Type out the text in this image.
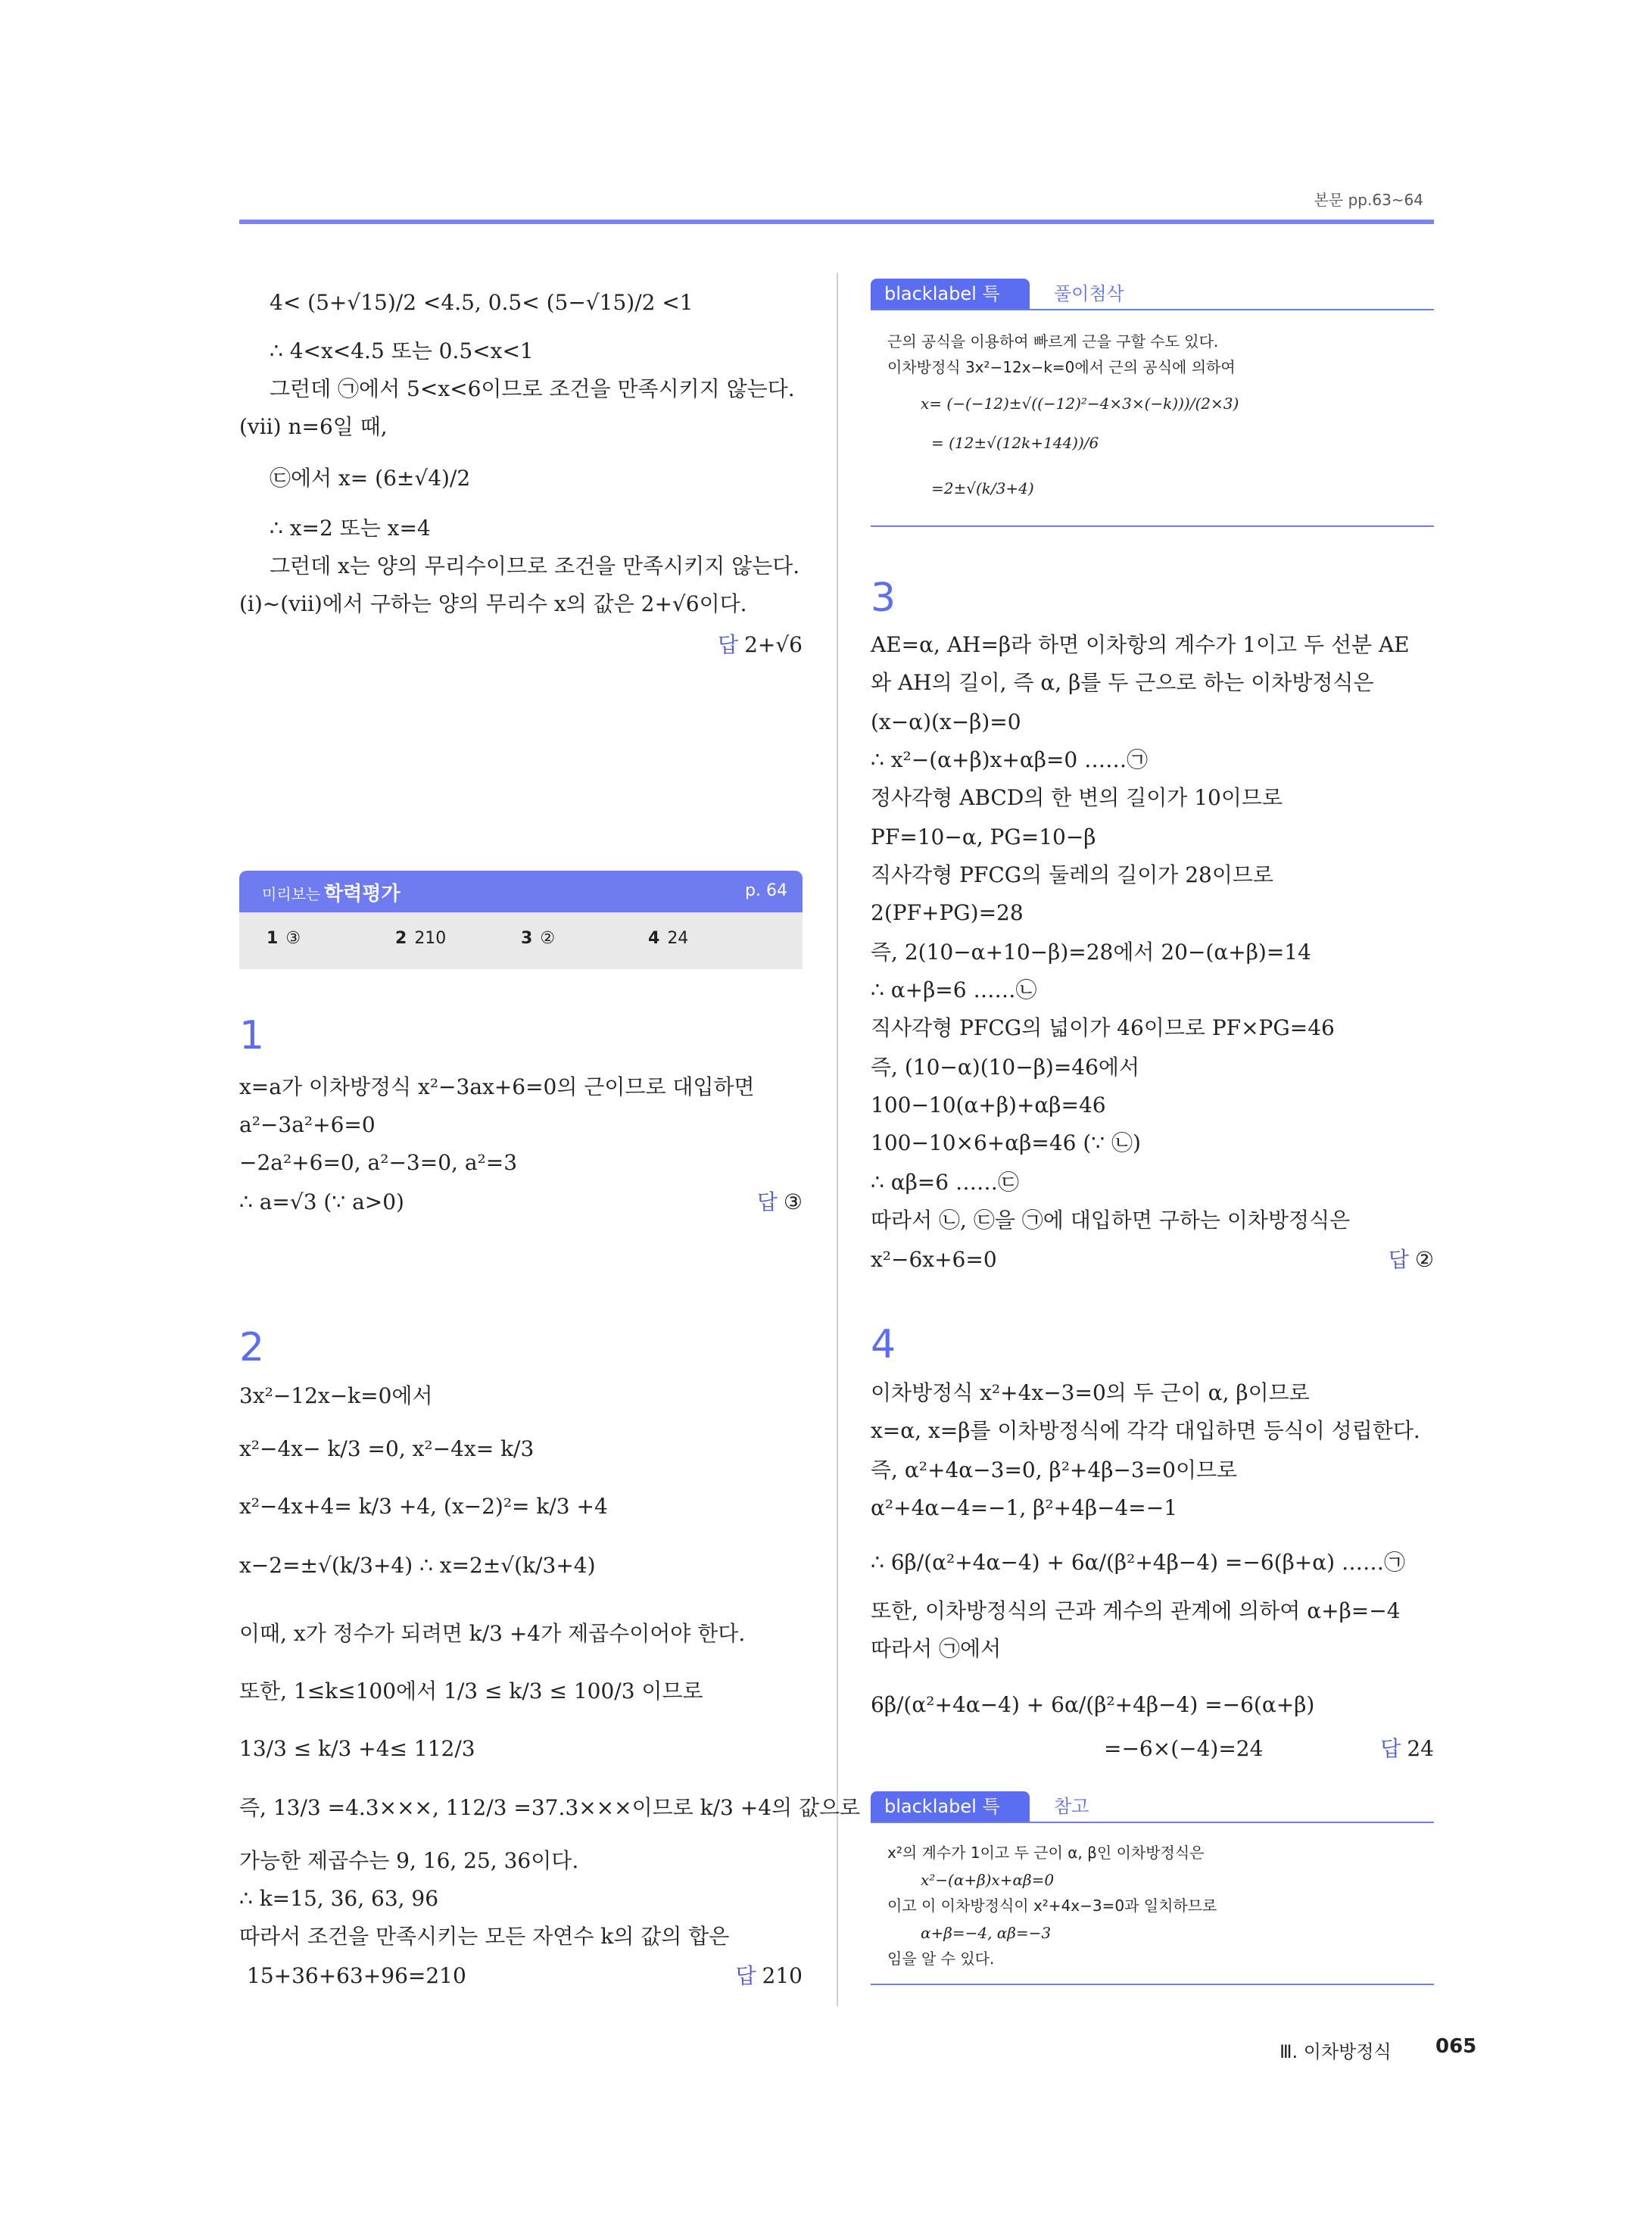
본문 pp.63~64
4< (5+√15)/2 <4.5, 0.5< (5−√15)/2 <1
∴ 4<x<4.5 또는 0.5<x<1
그런데 ㉠에서 5<x<6이므로 조건을 만족시키지 않는다.
(ⅶ) n=6일 때,
㉢에서 x= (6±√4)/2
∴ x=2 또는 x=4
그런데 x는 양의 무리수이므로 조건을 만족시키지 않는다.
(ⅰ)~(ⅶ)에서 구하는 양의 무리수 x의 값은 2+√6이다.
답 2+√6
미리보는 학력평가	p. 64
1 ③	2 210	3 ②	4 24
1
x=a가 이차방정식 x²−3ax+6=0의 근이므로 대입하면
a²−3a²+6=0
−2a²+6=0, a²−3=0, a²=3
∴ a=√3 (∵ a>0)	답 ③
2
3x²−12x−k=0에서
x²−4x− k/3 =0, x²−4x= k/3
x²−4x+4= k/3 +4, (x−2)²= k/3 +4
x−2=±√(k/3+4) ∴ x=2±√(k/3+4)
이때, x가 정수가 되려면 k/3 +4가 제곱수이어야 한다.
또한, 1≤k≤100에서 1/3 ≤ k/3 ≤ 100/3 이므로
13/3 ≤ k/3 +4≤ 112/3
즉, 13/3 =4.3×××, 112/3 =37.3×××이므로 k/3 +4의 값으로
가능한 제곱수는 9, 16, 25, 36이다.
∴ k=15, 36, 63, 96
따라서 조건을 만족시키는 모든 자연수 k의 값의 합은
15+36+63+96=210	답 210
blacklabel 특강
풀이첨삭
근의 공식을 이용하여 빠르게 근을 구할 수도 있다.
이차방정식 3x²−12x−k=0에서 근의 공식에 의하여
x= (−(−12)±√((−12)²−4×3×(−k)))/(2×3)
= (12±√(12k+144))/6
=2±√(k/3+4)
3
AE=α, AH=β라 하면 이차항의 계수가 1이고 두 선분 AE
와 AH의 길이, 즉 α, β를 두 근으로 하는 이차방정식은
(x−α)(x−β)=0
∴ x²−(α+β)x+αβ=0 ……㉠
정사각형 ABCD의 한 변의 길이가 10이므로
PF=10−α, PG=10−β
직사각형 PFCG의 둘레의 길이가 28이므로
2(PF+PG)=28
즉, 2(10−α+10−β)=28에서 20−(α+β)=14
∴ α+β=6 ……㉡
직사각형 PFCG의 넓이가 46이므로 PF×PG=46
즉, (10−α)(10−β)=46에서
100−10(α+β)+αβ=46
100−10×6+αβ=46 (∵ ㉡)
∴ αβ=6 ……㉢
따라서 ㉡, ㉢을 ㉠에 대입하면 구하는 이차방정식은
x²−6x+6=0	답 ②
4
이차방정식 x²+4x−3=0의 두 근이 α, β이므로
x=α, x=β를 이차방정식에 각각 대입하면 등식이 성립한다.
즉, α²+4α−3=0, β²+4β−3=0이므로
α²+4α−4=−1, β²+4β−4=−1
∴ 6β/(α²+4α−4) + 6α/(β²+4β−4) =−6(β+α) ……㉠
또한, 이차방정식의 근과 계수의 관계에 의하여 α+β=−4
따라서 ㉠에서
6β/(α²+4α−4) + 6α/(β²+4β−4) =−6(α+β)
=−6×(−4)=24	답 24
blacklabel 특강
참고
x²의 계수가 1이고 두 근이 α, β인 이차방정식은
x²−(α+β)x+αβ=0
이고 이 이차방정식이 x²+4x−3=0과 일치하므로
α+β=−4, αβ=−3
임을 알 수 있다.
Ⅲ. 이차방정식 065
